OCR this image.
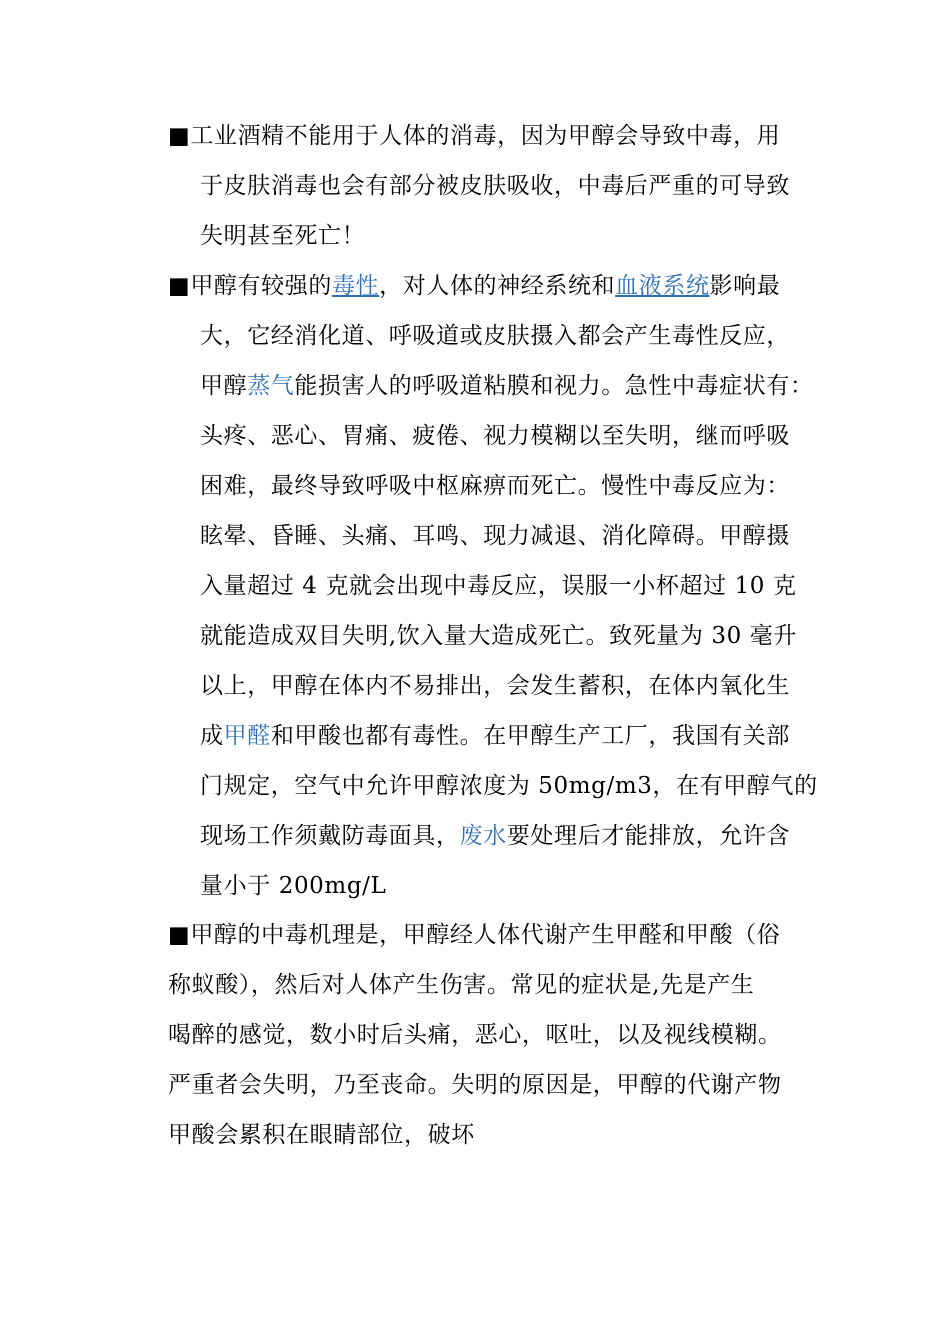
■工业酒精不能用于人体的消毒，因为甲醇会导致中毒，用
于皮肤消毒也会有部分被皮肤吸收，中毒后严重的可导致
失明甚至死亡！
■甲醇有较强的毒性，对人体的神经系统和血液系统影响最
大，它经消化道、呼吸道或皮肤摄入都会产生毒性反应，
甲醇蒸气能损害人的呼吸道粘膜和视力。急性中毒症状有：
头疼、恶心、胃痛、疲倦、视力模糊以至失明，继而呼吸
困难，最终导致呼吸中枢麻痹而死亡。慢性中毒反应为：
眩晕、昏睡、头痛、耳鸣、现力减退、消化障碍。甲醇摄
入量超过 4 克就会出现中毒反应，误服一小杯超过 10 克
就能造成双目失明,饮入量大造成死亡。致死量为 30 毫升
以上，甲醇在体内不易排出，会发生蓄积，在体内氧化生
成甲醛和甲酸也都有毒性。在甲醇生产工厂，我国有关部
门规定，空气中允许甲醇浓度为 50mg/m3，在有甲醇气的
现场工作须戴防毒面具，废水要处理后才能排放，允许含
量小于 200mg/L
■甲醇的中毒机理是，甲醇经人体代谢产生甲醛和甲酸（俗
称蚁酸），然后对人体产生伤害。常见的症状是,先是产生
喝醉的感觉，数小时后头痛，恶心，呕吐，以及视线模糊。
严重者会失明，乃至丧命。失明的原因是，甲醇的代谢产物
甲酸会累积在眼睛部位，破坏
